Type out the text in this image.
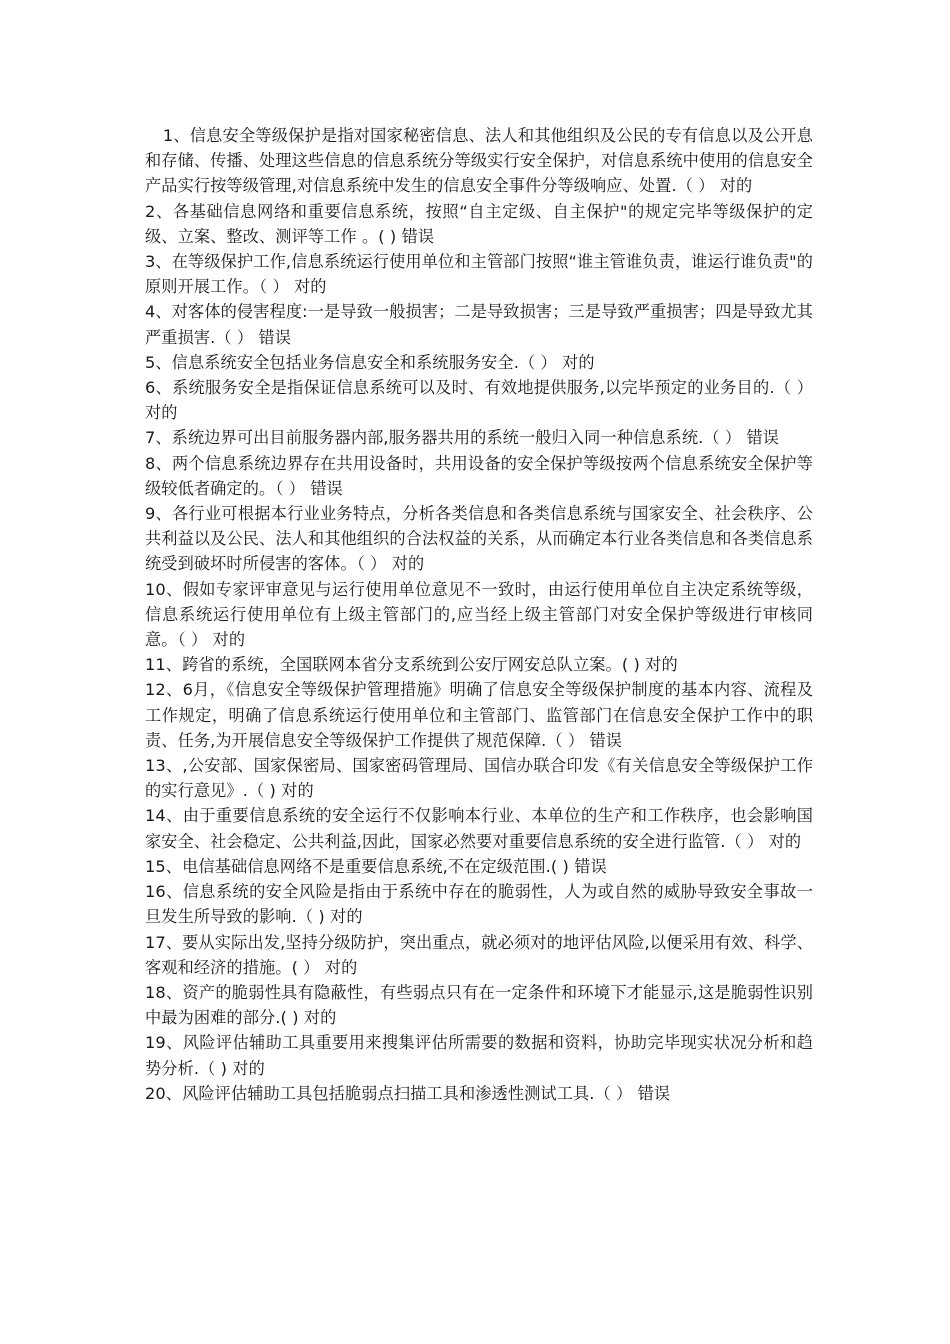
1、信息安全等级保护是指对国家秘密信息、法人和其他组织及公民的专有信息以及公开息和存储、传播、处理这些信息的信息系统分等级实行安全保护，对信息系统中使用的信息安全产品实行按等级管理,对信息系统中发生的信息安全事件分等级响应、处置.（ ） 对的

2、各基础信息网络和重要信息系统，按照“自主定级、自主保护"的规定完毕等级保护的定级、立案、整改、测评等工作 。( ) 错误

3、在等级保护工作,信息系统运行使用单位和主管部门按照“谁主管谁负责，谁运行谁负责"的原则开展工作。（ ） 对的

4、对客体的侵害程度:一是导致一般损害；二是导致损害；三是导致严重损害；四是导致尤其严重损害.（ ） 错误

5、信息系统安全包括业务信息安全和系统服务安全.（ ） 对的

6、系统服务安全是指保证信息系统可以及时、有效地提供服务,以完毕预定的业务目的.（ ） 对的

7、系统边界可出目前服务器内部,服务器共用的系统一般归入同一种信息系统.（ ） 错误

8、两个信息系统边界存在共用设备时，共用设备的安全保护等级按两个信息系统安全保护等级较低者确定的。（ ） 错误

9、各行业可根据本行业业务特点，分析各类信息和各类信息系统与国家安全、社会秩序、公共利益以及公民、法人和其他组织的合法权益的关系，从而确定本行业各类信息和各类信息系统受到破坏时所侵害的客体。（ ） 对的

10、假如专家评审意见与运行使用单位意见不一致时，由运行使用单位自主决定系统等级，信息系统运行使用单位有上级主管部门的,应当经上级主管部门对安全保护等级进行审核同意。（ ） 对的

11、跨省的系统，全国联网本省分支系统到公安厅网安总队立案。( ) 对的

12、6月，《信息安全等级保护管理措施》明确了信息安全等级保护制度的基本内容、流程及工作规定，明确了信息系统运行使用单位和主管部门、监管部门在信息安全保护工作中的职责、任务,为开展信息安全等级保护工作提供了规范保障.（ ） 错误

13、,公安部、国家保密局、国家密码管理局、国信办联合印发《有关信息安全等级保护工作的实行意见》.（ ) 对的

14、由于重要信息系统的安全运行不仅影响本行业、本单位的生产和工作秩序，也会影响国家安全、社会稳定、公共利益,因此，国家必然要对重要信息系统的安全进行监管.（ ） 对的

15、电信基础信息网络不是重要信息系统,不在定级范围.( ) 错误

16、信息系统的安全风险是指由于系统中存在的脆弱性，人为或自然的威胁导致安全事故一旦发生所导致的影响.（ ) 对的

17、要从实际出发,坚持分级防护，突出重点，就必须对的地评估风险,以便采用有效、科学、客观和经济的措施。( ） 对的

18、资产的脆弱性具有隐蔽性，有些弱点只有在一定条件和环境下才能显示,这是脆弱性识别中最为困难的部分.( ) 对的

19、风险评估辅助工具重要用来搜集评估所需要的数据和资料，协助完毕现实状况分析和趋势分析.（ ) 对的

20、风险评估辅助工具包括脆弱点扫描工具和渗透性测试工具.（ ） 错误
